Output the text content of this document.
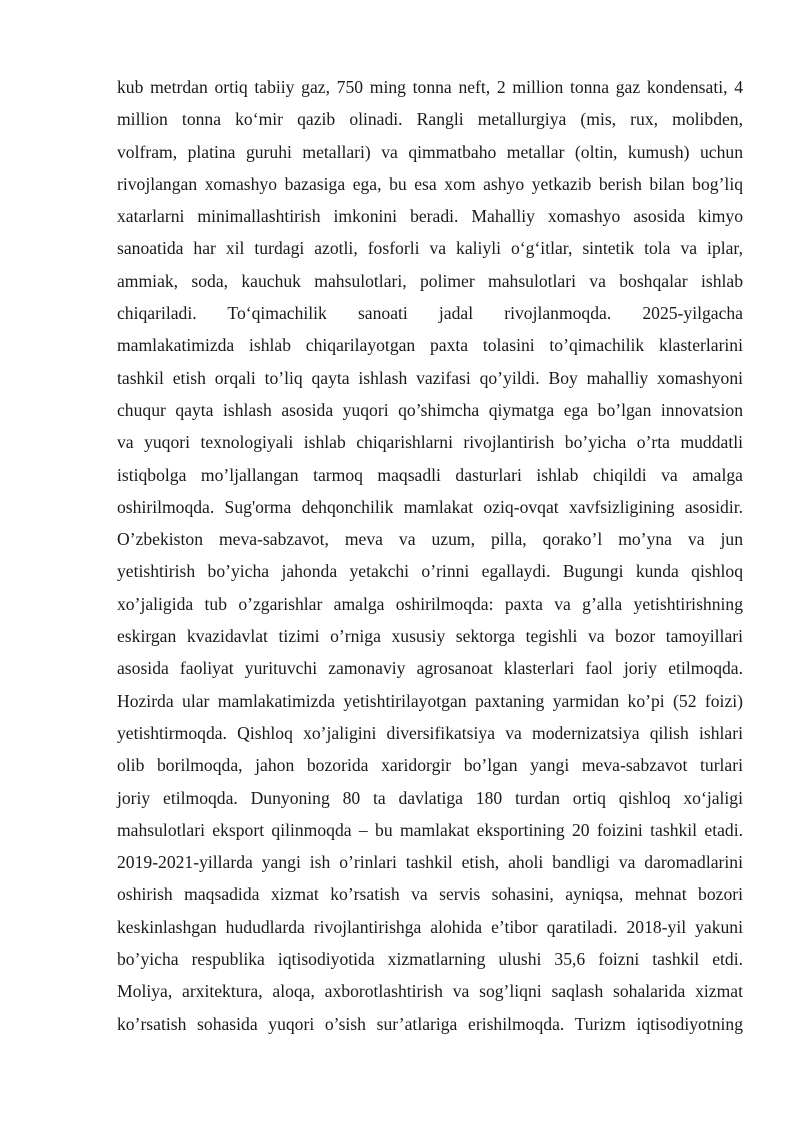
kub metrdan ortiq tabiiy gaz, 750 ming tonna neft, 2 million tonna gaz kondensati, 4
million tonna ko‘mir qazib olinadi. Rangli metallurgiya (mis, rux, molibden,
volfram, platina guruhi metallari) va qimmatbaho metallar (oltin, kumush) uchun
rivojlangan xomashyo bazasiga ega, bu esa xom ashyo yetkazib berish bilan bog’liq
xatarlarni minimallashtirish imkonini beradi. Mahalliy xomashyo asosida kimyo
sanoatida har xil turdagi azotli, fosforli va kaliyli o‘g‘itlar, sintetik tola va iplar,
ammiak, soda, kauchuk mahsulotlari, polimer mahsulotlari va boshqalar ishlab
chiqariladi. To‘qimachilik sanoati jadal rivojlanmoqda. 2025-yilgacha
mamlakatimizda ishlab chiqarilayotgan paxta tolasini to’qimachilik klasterlarini
tashkil etish orqali to’liq qayta ishlash vazifasi qo’yildi. Boy mahalliy xomashyoni
chuqur qayta ishlash asosida yuqori qo’shimcha qiymatga ega bo’lgan innovatsion
va yuqori texnologiyali ishlab chiqarishlarni rivojlantirish bo’yicha o’rta muddatli
istiqbolga mo’ljallangan tarmoq maqsadli dasturlari ishlab chiqildi va amalga
oshirilmoqda. Sug'orma dehqonchilik mamlakat oziq-ovqat xavfsizligining asosidir.
O’zbekiston meva-sabzavot, meva va uzum, pilla, qorako’l mo’yna va jun
yetishtirish bo’yicha jahonda yetakchi o’rinni egallaydi. Bugungi kunda qishloq
xo’jaligida tub o’zgarishlar amalga oshirilmoqda: paxta va g’alla yetishtirishning
eskirgan kvazidavlat tizimi o’rniga xususiy sektorga tegishli va bozor tamoyillari
asosida faoliyat yurituvchi zamonaviy agrosanoat klasterlari faol joriy etilmoqda.
Hozirda ular mamlakatimizda yetishtirilayotgan paxtaning yarmidan ko’pi (52 foizi)
yetishtirmoqda. Qishloq xo’jaligini diversifikatsiya va modernizatsiya qilish ishlari
olib borilmoqda, jahon bozorida xaridorgir bo’lgan yangi meva-sabzavot turlari
joriy etilmoqda. Dunyoning 80 ta davlatiga 180 turdan ortiq qishloq xo‘jaligi
mahsulotlari eksport qilinmoqda – bu mamlakat eksportining 20 foizini tashkil etadi.
2019-2021-yillarda yangi ish o’rinlari tashkil etish, aholi bandligi va daromadlarini
oshirish maqsadida xizmat ko’rsatish va servis sohasini, ayniqsa, mehnat bozori
keskinlashgan hududlarda rivojlantirishga alohida e’tibor qaratiladi. 2018-yil yakuni
bo’yicha respublika iqtisodiyotida xizmatlarning ulushi 35,6 foizni tashkil etdi.
Moliya, arxitektura, aloqa, axborotlashtirish va sog’liqni saqlash sohalarida xizmat
ko’rsatish sohasida yuqori o’sish sur’atlariga erishilmoqda. Turizm iqtisodiyotning
